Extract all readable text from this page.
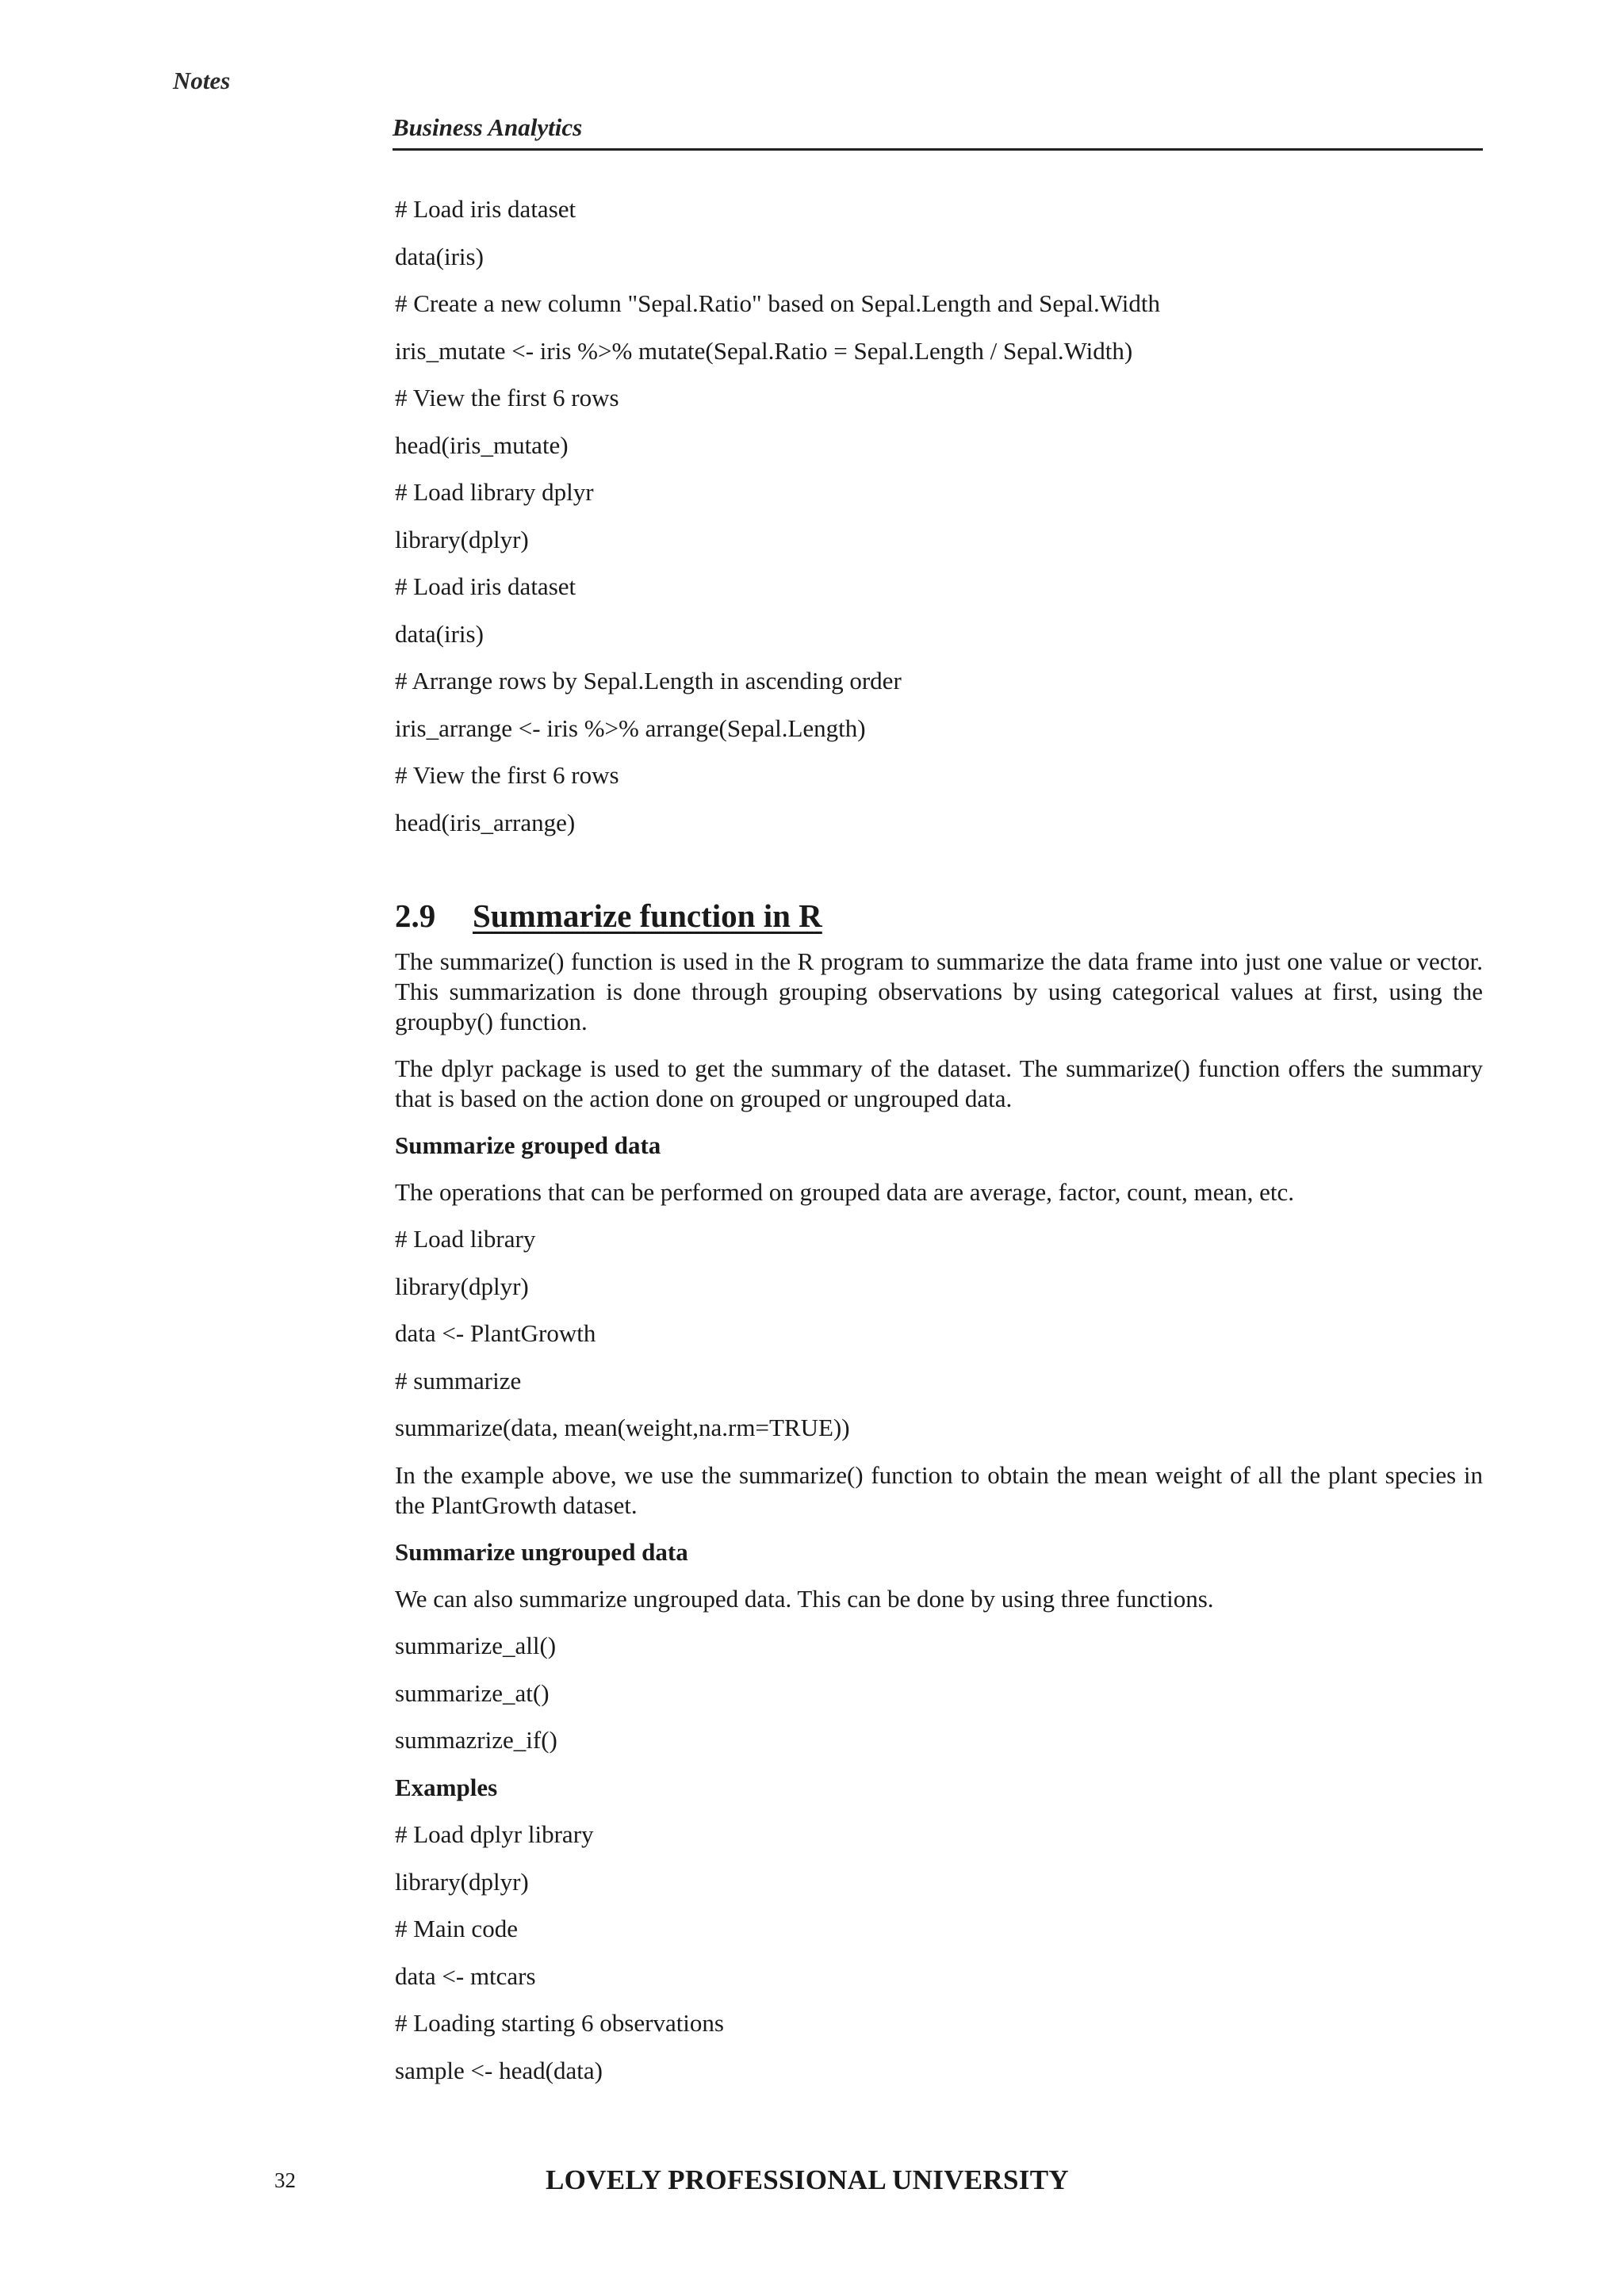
Notes
Business Analytics
# Load iris dataset
data(iris)
# Create a new column "Sepal.Ratio" based on Sepal.Length and Sepal.Width
iris_mutate <- iris %>% mutate(Sepal.Ratio = Sepal.Length / Sepal.Width)
# View the first 6 rows
head(iris_mutate)
# Load library dplyr
library(dplyr)
# Load iris dataset
data(iris)
# Arrange rows by Sepal.Length in ascending order
iris_arrange <- iris %>% arrange(Sepal.Length)
# View the first 6 rows
head(iris_arrange)
2.9 Summarize function in R

The summarize() function is used in the R program to summarize the data frame into just one value or vector. This summarization is done through grouping observations by using categorical values at first, using the groupby() function.

The dplyr package is used to get the summary of the dataset. The summarize() function offers the summary that is based on the action done on grouped or ungrouped data.

Summarize grouped data

The operations that can be performed on grouped data are average, factor, count, mean, etc.

# Load library
library(dplyr)
data <- PlantGrowth
# summarize
summarize(data, mean(weight,na.rm=TRUE))

In the example above, we use the summarize() function to obtain the mean weight of all the plant species in the PlantGrowth dataset.

Summarize ungrouped data

We can also summarize ungrouped data. This can be done by using three functions.

summarize_all()
summarize_at()
summazrize_if()
Examples
# Load dplyr library
library(dplyr)
# Main code
data <- mtcars
# Loading starting 6 observations
sample <- head(data)
32	LOVELY PROFESSIONAL UNIVERSITY
